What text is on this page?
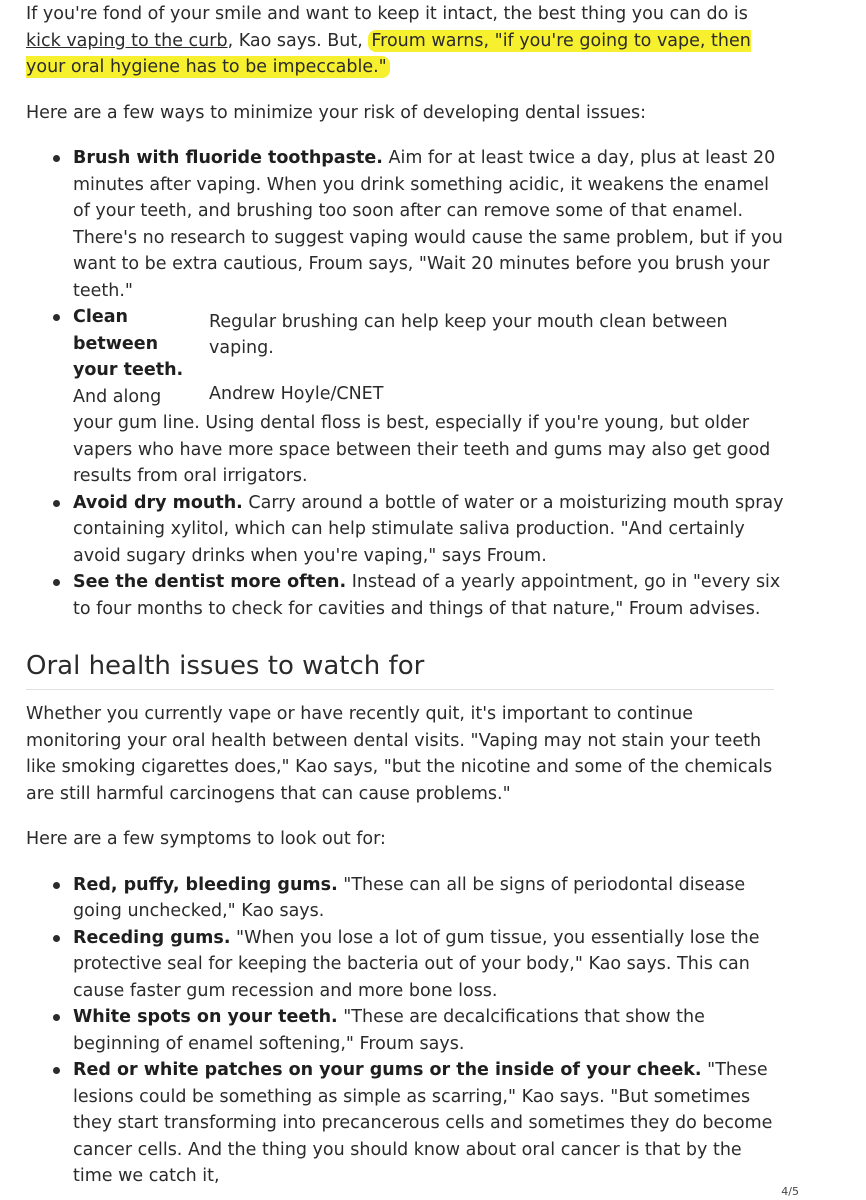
If you're fond of your smile and want to keep it intact, the best thing you can do is kick vaping to the curb, Kao says. But, Froum warns, "if you're going to vape, then your oral hygiene has to be impeccable."

Here are a few ways to minimize your risk of developing dental issues:

Brush with fluoride toothpaste. Aim for at least twice a day, plus at least 20 minutes after vaping. When you drink something acidic, it weakens the enamel of your teeth, and brushing too soon after can remove some of that enamel. There's no research to suggest vaping would cause the same problem, but if you want to be extra cautious, Froum says, "Wait 20 minutes before you brush your teeth."
Regular brushing can help keep your mouth clean between vaping.
Andrew Hoyle/CNET
Clean between your teeth. And along your gum line. Using dental floss is best, especially if you're young, but older vapers who have more space between their teeth and gums may also get good results from oral irrigators.
Avoid dry mouth. Carry around a bottle of water or a moisturizing mouth spray containing xylitol, which can help stimulate saliva production. "And certainly avoid sugary drinks when you're vaping," says Froum.
See the dentist more often. Instead of a yearly appointment, go in "every six to four months to check for cavities and things of that nature," Froum advises.
Oral health issues to watch for

Whether you currently vape or have recently quit, it's important to continue monitoring your oral health between dental visits. "Vaping may not stain your teeth like smoking cigarettes does," Kao says, "but the nicotine and some of the chemicals are still harmful carcinogens that can cause problems."

Here are a few symptoms to look out for:

Red, puffy, bleeding gums. "These can all be signs of periodontal disease going unchecked," Kao says.
Receding gums. "When you lose a lot of gum tissue, you essentially lose the protective seal for keeping the bacteria out of your body," Kao says. This can cause faster gum recession and more bone loss.
White spots on your teeth. "These are decalcifications that show the beginning of enamel softening," Froum says.
Red or white patches on your gums or the inside of your cheek. "These lesions could be something as simple as scarring," Kao says. "But sometimes they start transforming into precancerous cells and sometimes they do become cancer cells. And the thing you should know about oral cancer is that by the time we catch it,
4/5
